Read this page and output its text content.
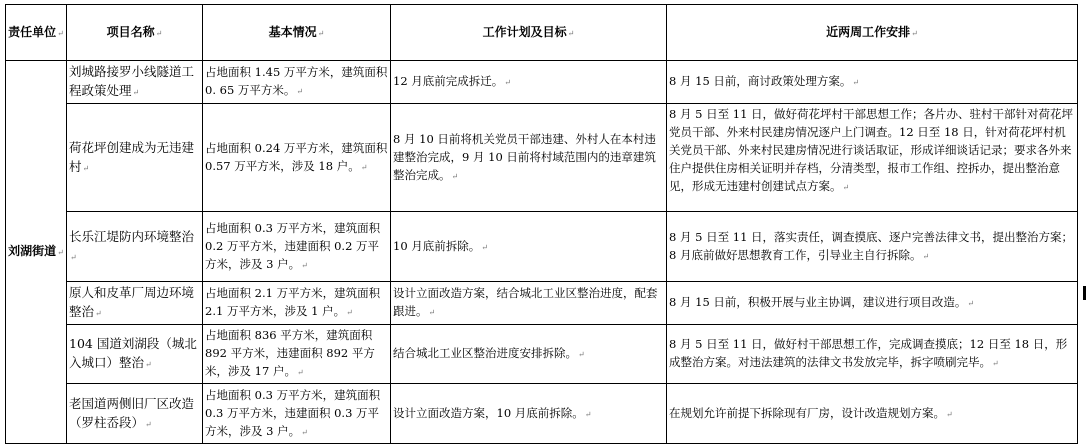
责任单位↵	项目名称↵	基本情况↵	工作计划及目标↵	近两周工作安排↵
刘湖街道↵	刘城路接罗小线隧道工程政策处理↵	占地面积 1.45 万平方米，建筑面积 0. 65 万平方米。↵	12 月底前完成拆迁。↵	8 月 15 日前，商讨政策处理方案。↵
	荷花坪创建成为无违建村↵	占地面积 0.24 万平方米，建筑面积 0.57 万平方米，涉及 18 户。↵	8 月 10 日前将机关党员干部违建、外村人在本村违建整治完成，9 月 10 日前将村域范围内的违章建筑整治完成。↵	8 月 5 日至 11 日，做好荷花坪村干部思想工作；各片办、驻村干部针对荷花坪党员干部、外来村民建房情况逐户上门调查。12 日至 18 日，针对荷花坪村机关党员干部、外来村民建房情况进行谈话取证，形成详细谈话记录；要求各外来住户提供住房相关证明并存档，分清类型，报市工作组、控拆办，提出整治意见，形成无违建村创建试点方案。↵
	长乐江堤防内环境整治↵	占地面积 0.3 万平方米，建筑面积 0.2 万平方米，违建面积 0.2 万平方米，涉及 3 户。↵	10 月底前拆除。↵	8 月 5 日至 11 日，落实责任，调查摸底、逐户完善法律文书，提出整治方案；8 月底前做好思想教育工作，引导业主自行拆除。↵
	原人和皮革厂周边环境整治↵	占地面积 2.1 万平方米，建筑面积 2.1 万平方米，涉及 1 户。↵	设计立面改造方案，结合城北工业区整治进度，配套跟进。↵	8 月 15 日前，积极开展与业主协调，建议进行项目改造。↵
	104 国道刘湖段（城北入城口）整治↵	占地面积 836 平方米，建筑面积 892 平方米，违建面积 892 平方米，涉及 17 户。↵	结合城北工业区整治进度安排拆除。↵	8 月 5 日至 11 日，做好村干部思想工作，完成调查摸底；12 日至 18 日，形成整治方案。对违法建筑的法律文书发放完毕，拆字喷刷完毕。↵
	老国道两侧旧厂区改造（罗柱岙段）↵	占地面积 0.3 万平方米，建筑面积 0.3 万平方米，违建面积 0.3 万平方米，涉及 3 户。↵	设计立面改造方案，10 月底前拆除。↵	在规划允许前提下拆除现有厂房，设计改造规划方案。↵
